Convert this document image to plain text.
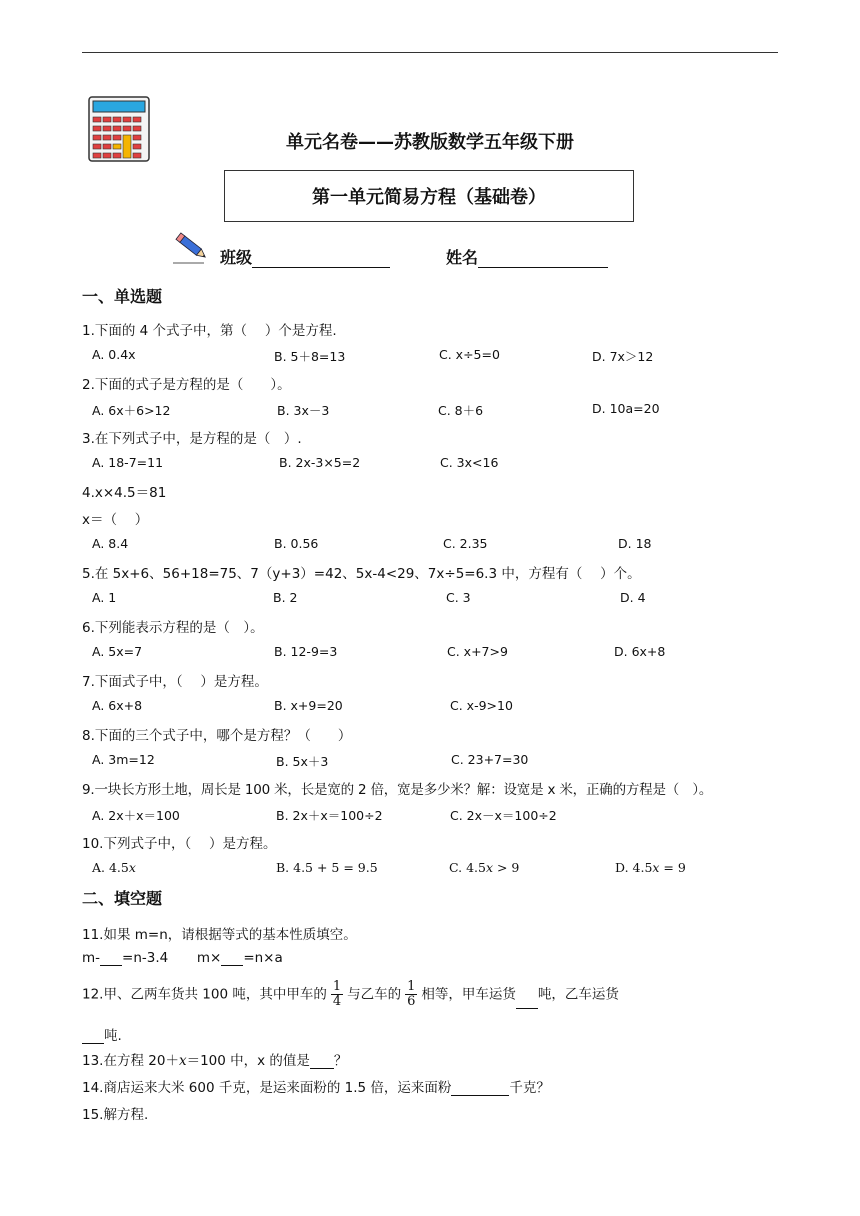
单元名卷——苏教版数学五年级下册
第一单元简易方程（基础卷）
班级	姓名
一、单选题
1.下面的 4 个式子中，第（　 ）个是方程.
A. 0.4x	B. 5＋8=13	C. x÷5=0	D. 7x＞12
2.下面的式子是方程的是（　　）。
A. 6x＋6>12	B. 3x－3	C. 8＋6	D. 10a=20
3.在下列式子中，是方程的是（　）.
A. 18-7=11	B. 2x-3×5=2	C. 3x<16
4.x×4.5＝81
x＝（　 ）
A. 8.4	B. 0.56	C. 2.35	D. 18
5.在 5x+6、56+18=75、7（y+3）=42、5x-4<29、7x÷5=6.3 中，方程有（　 ）个。
A. 1	B. 2	C. 3	D. 4
6.下列能表示方程的是（　）。
A. 5x=7	B. 12-9=3	C. x+7>9	D. 6x+8
7.下面式子中，（　 ）是方程。
A. 6x+8	B. x+9=20	C. x-9>10
8.下面的三个式子中，哪个是方程？（　　）
A. 3m=12	B. 5x＋3	C. 23+7=30
9.一块长方形土地，周长是 100 米，长是宽的 2 倍，宽是多少米？解：设宽是 x 米，正确的方程是（　）。
A. 2x＋x＝100	B. 2x＋x＝100÷2	C. 2x－x＝100÷2
10.下列式子中，（　 ）是方程。
A. 4.5𝑥	B. 4.5 + 5 = 9.5	C. 4.5𝑥 > 9	D. 4.5𝑥 = 9
二、填空题
11.如果 m=n，请根据等式的基本性质填空。
m- =n-3.4 m× =n×a
12.甲、乙两车货共 100 吨，其中甲车的 $\frac{1}{4}$ 与乙车的 $\frac{1}{6}$ 相等，甲车运货 吨，乙车运货
吨.
13.在方程 20＋x＝100 中，x 的值是 ？
14.商店运来大米 600 千克，是运来面粉的 1.5 倍，运来面粉	千克？
15.解方程.
